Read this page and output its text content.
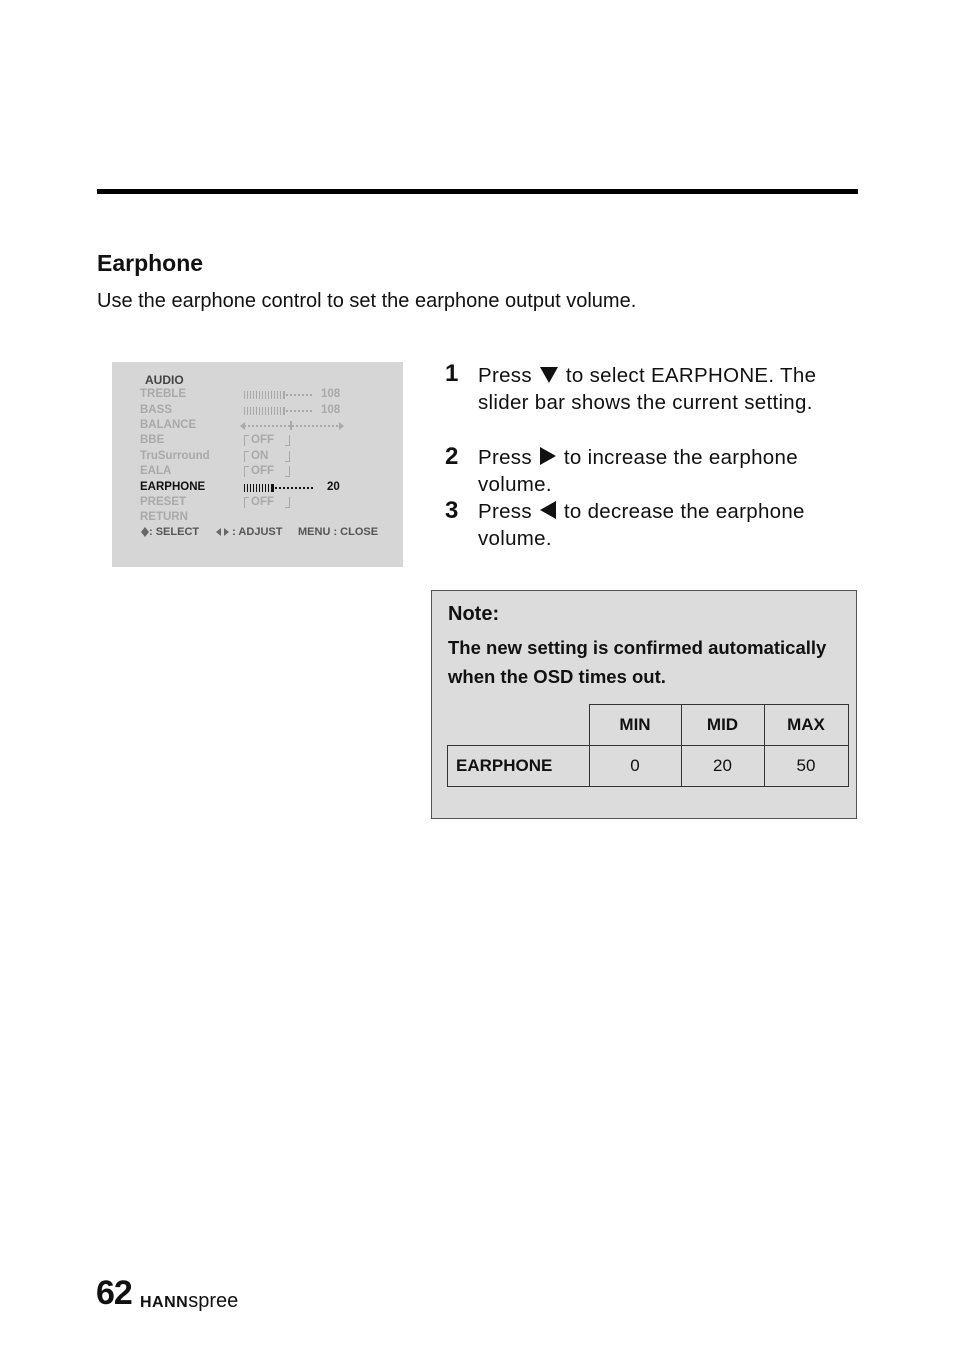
Earphone
Use the earphone control to set the earphone output volume.
AUDIO
TREBLE	108
BASS	108
BALANCE
BBE	OFF
TruSurround	ON
EALA	OFF
EARPHONE	20
PRESET	OFF
RETURN

: SELECT	: ADJUST MENU : CLOSE
1 Press to select EARPHONE. The slider bar shows the current setting.
2 Press to increase the earphone volume.
3 Press to decrease the earphone volume.
Note:
The new setting is confirmed automatically when the OSD times out.
	MIN	MID	MAX
EARPHONE	0	20	50
62 HANNspree
